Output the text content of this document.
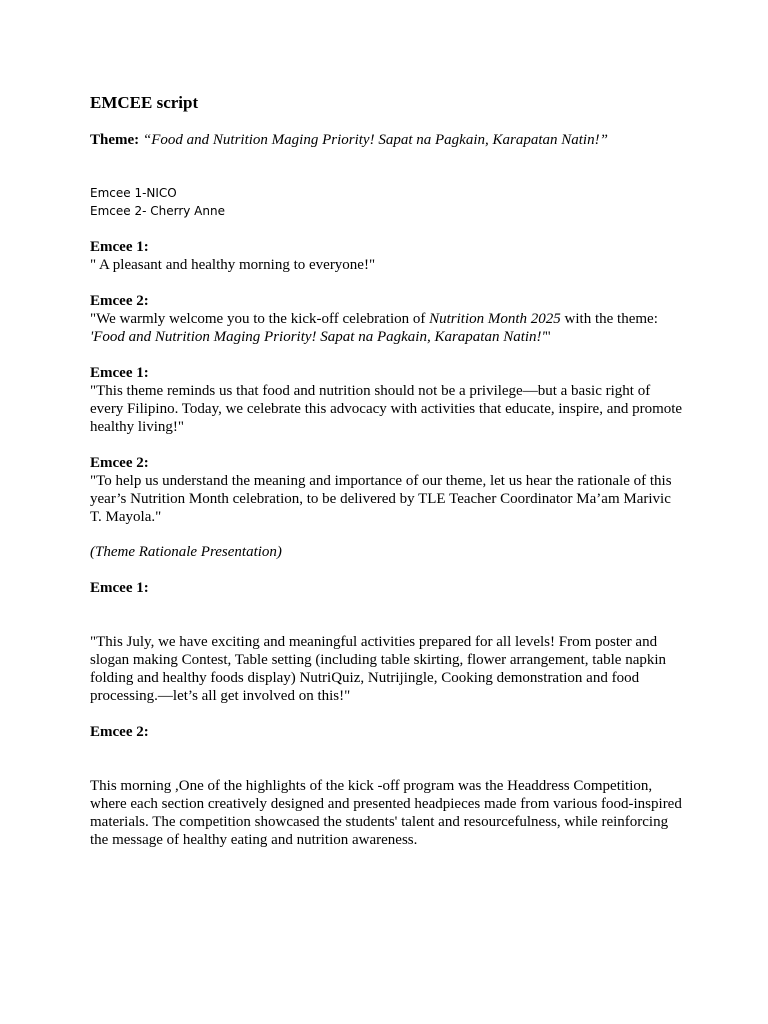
EMCEE script
Theme: “Food and Nutrition Maging Priority! Sapat na Pagkain, Karapatan Natin!”
Emcee 1-NICO
Emcee 2- Cherry Anne
Emcee 1:

" A pleasant and healthy morning to everyone!"

Emcee 2:

"We warmly welcome you to the kick-off celebration of Nutrition Month 2025 with the theme:
'Food and Nutrition Maging Priority! Sapat na Pagkain, Karapatan Natin!'"

Emcee 1:

"This theme reminds us that food and nutrition should not be a privilege—but a basic right of every Filipino. Today, we celebrate this advocacy with activities that educate, inspire, and promote healthy living!"

Emcee 2:

"To help us understand the meaning and importance of our theme, let us hear the rationale of this year’s Nutrition Month celebration, to be delivered by TLE Teacher Coordinator Ma’am Marivic T. Mayola."

(Theme Rationale Presentation)

Emcee 1:

"This July, we have exciting and meaningful activities prepared for all levels! From poster and slogan making Contest, Table setting (including table skirting, flower arrangement, table napkin folding and healthy foods display) NutriQuiz, Nutrijingle, Cooking demonstration and food processing.—let’s all get involved on this!"

Emcee 2:

This morning ,One of the highlights of the kick -off program was the Headdress Competition, where each section creatively designed and presented headpieces made from various food-inspired materials. The competition showcased the students' talent and resourcefulness, while reinforcing the message of healthy eating and nutrition awareness.
